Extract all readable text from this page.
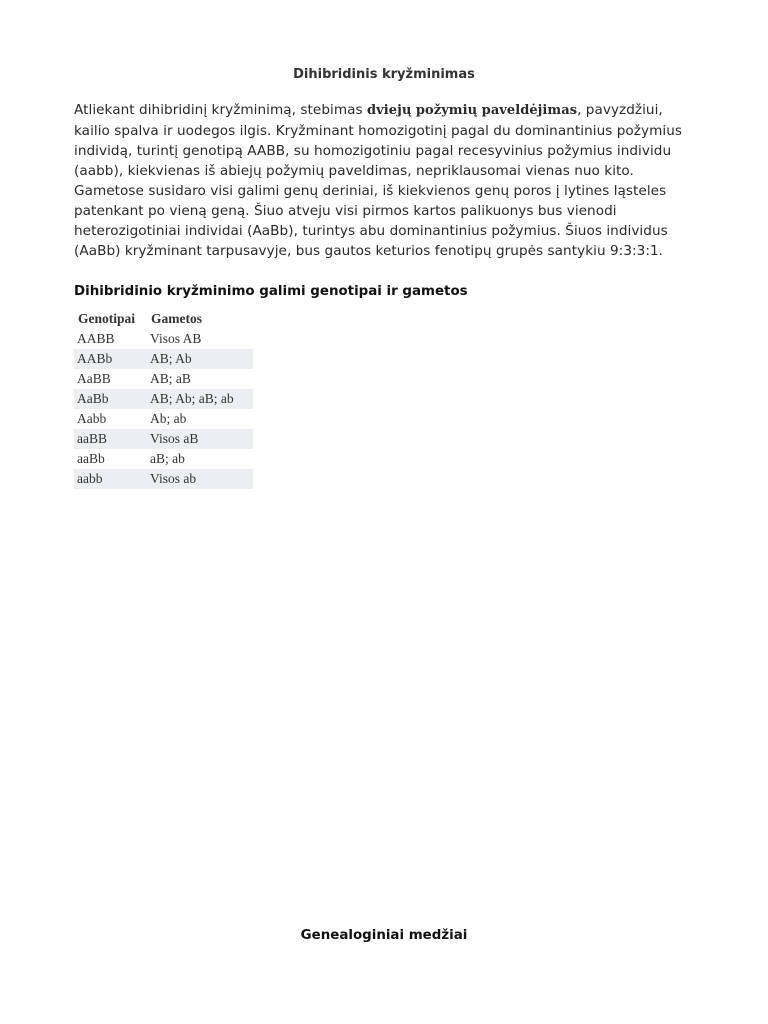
Dihibridinis kryžminimas

Atliekant dihibridinį kryžminimą, stebimas dviejų požymių paveldėjimas, pavyzdžiui, kailio spalva ir uodegos ilgis. Kryžminant homozigotinį pagal du dominantinius požymius individą, turintį genotipą AABB, su homozigotiniu pagal recesyvinius požymius individu (aabb), kiekvienas iš abiejų požymių paveldimas, nepriklausomai vienas nuo kito. Gametose susidaro visi galimi genų deriniai, iš kiekvienos genų poros į lytines ląsteles patenkant po vieną geną. Šiuo atveju visi pirmos kartos palikuonys bus vienodi heterozigotiniai individai (AaBb), turintys abu dominantinius požymius. Šiuos individus (AaBb) kryžminant tarpusavyje, bus gautos keturios fenotipų grupės santykiu 9:3:3:1.

Dihibridinio kryžminimo galimi genotipai ir gametos
Genotipai	Gametos
AABB	Visos AB
AABb	AB; Ab
AaBB	AB; aB
AaBb	AB; Ab; aB; ab
Aabb	Ab; ab
aaBB	Visos aB
aaBb	aB; ab
aabb	Visos ab
Genealoginiai medžiai
